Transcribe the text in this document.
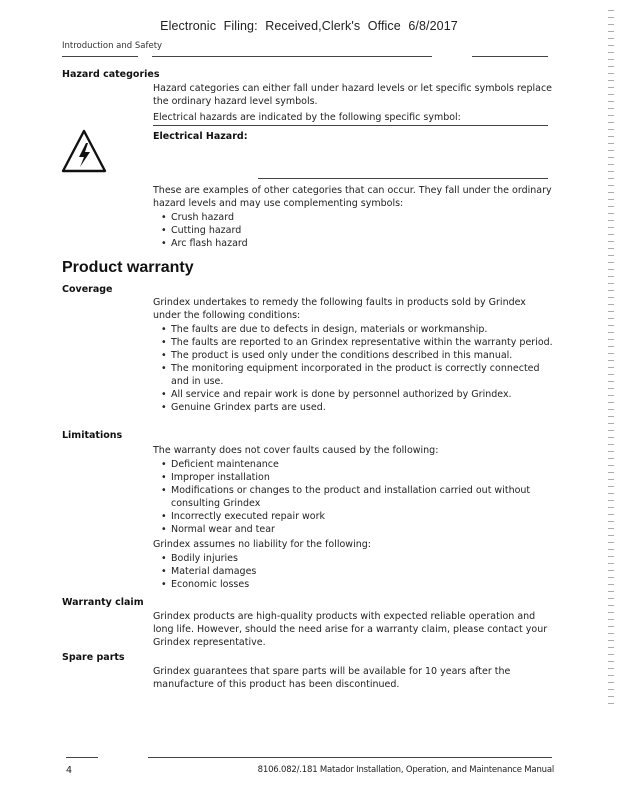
Electronic Filing: Received,Clerk's Office 6/8/2017
Introduction and Safety
Hazard categories

Hazard categories can either fall under hazard levels or let specific symbols replace the ordinary hazard level symbols.

Electrical hazards are indicated by the following specific symbol:

Electrical Hazard:

These are examples of other categories that can occur. They fall under the ordinary hazard levels and may use complementing symbols:

• Crush hazard
• Cutting hazard
• Arc flash hazard
Product warranty
Coverage

Grindex undertakes to remedy the following faults in products sold by Grindex under the following conditions:

• The faults are due to defects in design, materials or workmanship.
• The faults are reported to an Grindex representative within the warranty period.
• The product is used only under the conditions described in this manual.
• The monitoring equipment incorporated in the product is correctly connected and in use.
• All service and repair work is done by personnel authorized by Grindex.
• Genuine Grindex parts are used.
Limitations

The warranty does not cover faults caused by the following:

• Deficient maintenance
• Improper installation
• Modifications or changes to the product and installation carried out without consulting Grindex
• Incorrectly executed repair work
• Normal wear and tear

Grindex assumes no liability for the following:

• Bodily injuries
• Material damages
• Economic losses
Warranty claim
Grindex products are high-quality products with expected reliable operation and long life. However, should the need arise for a warranty claim, please contact your Grindex representative.
Spare parts
Grindex guarantees that spare parts will be available for 10 years after the manufacture of this product has been discontinued.
4	8106.082/.181 Matador Installation, Operation, and Maintenance Manual
